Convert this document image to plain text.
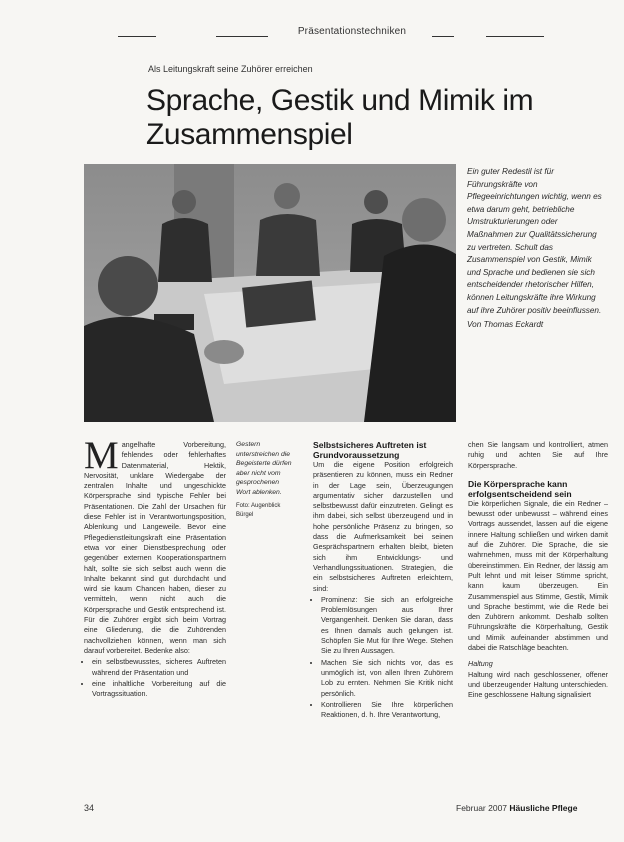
Präsentationstechniken
Als Leitungskraft seine Zuhörer erreichen
Sprache, Gestik und Mimik im
Zusammenspiel
Ein guter Redestil ist für Führungskräfte von Pflegeeinrichtungen wichtig, wenn es etwa darum geht, betriebliche Umstrukturierungen oder Maßnahmen zur Qualitätssicherung zu vertreten. Schult das Zusammenspiel von Gestik, Mimik und Sprache und bedienen sie sich entscheidender rhetorischer Hilfen, können Leitungskräfte ihre Wirkung auf ihre Zuhörer positiv beeinflussen.
Von Thomas Eckardt

M angelhafte Vorbereitung, fehlendes oder fehlerhaftes Datenmaterial, Hektik, Nervosität, unklare Wiedergabe der zentralen Inhalte und ungeschickte Körpersprache sind typische Fehler bei Präsentationen. Die Zahl der Ursachen für diese Fehler ist in Verantwortungsposition, Ablenkung und Langeweile. Bevor eine Pflegedienstleitungskraft eine Präsentation etwa vor einer Dienstbesprechung oder gegenüber externen Kooperationspartnern hält, sollte sie sich selbst auch wenn die Inhalte bekannt sind gut durchdacht und wird sie kaum Chancen haben, dieser zu vermitteln, wenn nicht auch die Körpersprache und Gestik entsprechend ist. Für die Zuhörer ergibt sich beim Vortrag eine Gliederung, die die Zuhörenden nachvollziehen können, wenn man sich darauf vorbereitet. Bedenke also:

• ein selbstbewusstes, sicheres Auftreten während der Präsentation und
• eine inhaltliche Vorbereitung auf die Vortragssituation.

Gestern unterstreichen die Begeisterte dürfen aber nicht vom gesprochenen Wort ablenken.

Foto: Augenblick Bürgel

Selbstsicheres Auftreten ist Grundvoraussetzung

Um die eigene Position erfolgreich präsentieren zu können, muss ein Redner in der Lage sein, Überzeugungen argumentativ sicher darzustellen und selbstbewusst dafür einzutreten. Gelingt es ihm dabei, sich selbst überzeugend und in hohe persönliche Präsenz zu bringen, so dass die Aufmerksamkeit bei seinen Gesprächspartnern erhalten bleibt, bieten sich ihm Entwicklungs- und Verhandlungssituationen. Strategien, die ein selbstsicheres Auftreten erleichtern, sind:

• Prominenz: Sie sich an erfolgreiche Problemlösungen aus Ihrer Vergangenheit. Denken Sie daran, dass es Ihnen damals auch gelungen ist. Schöpfen Sie Mut für Ihre Wege. Stehen Sie zu Ihren Aussagen.
• Machen Sie sich nichts vor, das es unmöglich ist, von allen Ihren Zuhörern Lob zu ernten. Nehmen Sie Kritik nicht persönlich.
• Kontrollieren Sie Ihre körperlichen Reaktionen, d. h. Ihre Verantwortung,

chen Sie langsam und kontrolliert, atmen ruhig und achten Sie auf Ihre Körpersprache.

Die Körpersprache kann erfolgsentscheidend sein

Die körperlichen Signale, die ein Redner – bewusst oder unbewusst – während eines Vortrags aussendet, lassen auf die eigene innere Haltung schließen und wirken damit auf die Zuhörer. Die Sprache, die sie wahrnehmen, muss mit der Körperhaltung übereinstimmen. Ein Redner, der lässig am Pult lehnt und mit leiser Stimme spricht, kann kaum überzeugen. Ein Zusammenspiel aus Stimme, Gestik, Mimik und Sprache bestimmt, wie die Rede bei den Zuhörern ankommt. Deshalb sollten Führungskräfte die Körperhaltung, Gestik und Mimik aufeinander abstimmen und dabei die Ratschläge beachten.

Haltung
Haltung wird nach geschlossener, offener und überzeugender Haltung unterschieden. Eine geschlossene Haltung signalisiert
34	Februar 2007 Häusliche Pflege
